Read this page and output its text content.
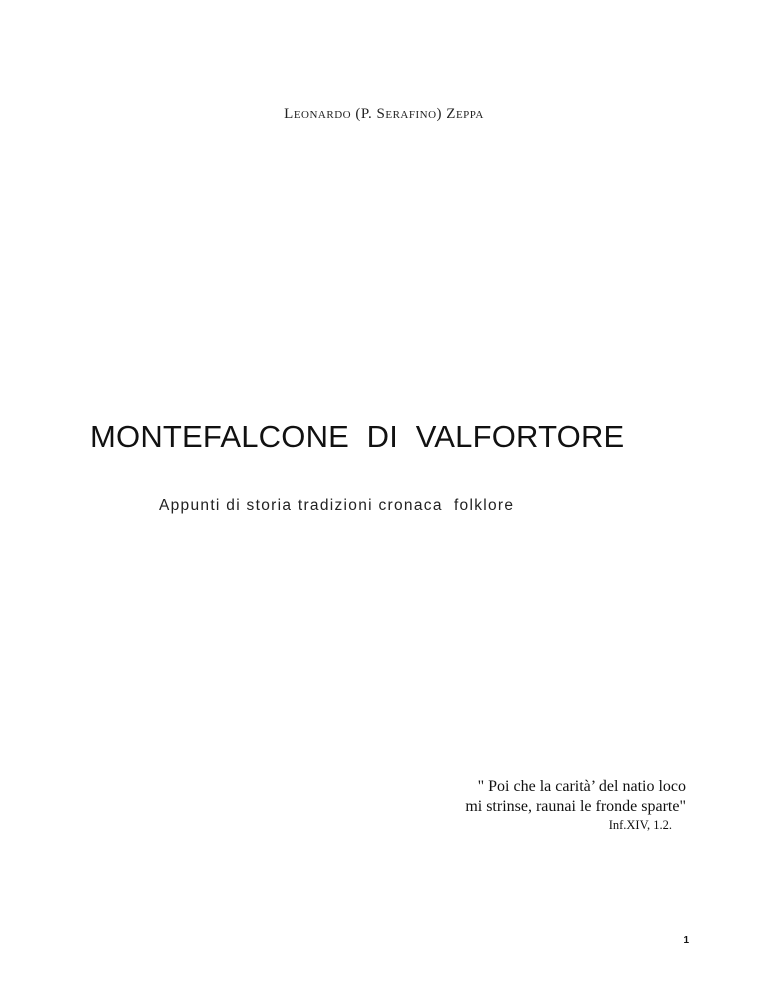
Leonardo (P. Serafino) Zeppa
MONTEFALCONE  DI  VALFORTORE
Appunti di storia tradizioni cronaca  folklore
" Poi che la carità’ del natio loco
mi strinse, raunai le fronde sparte"
Inf.XIV, 1.2.
1
